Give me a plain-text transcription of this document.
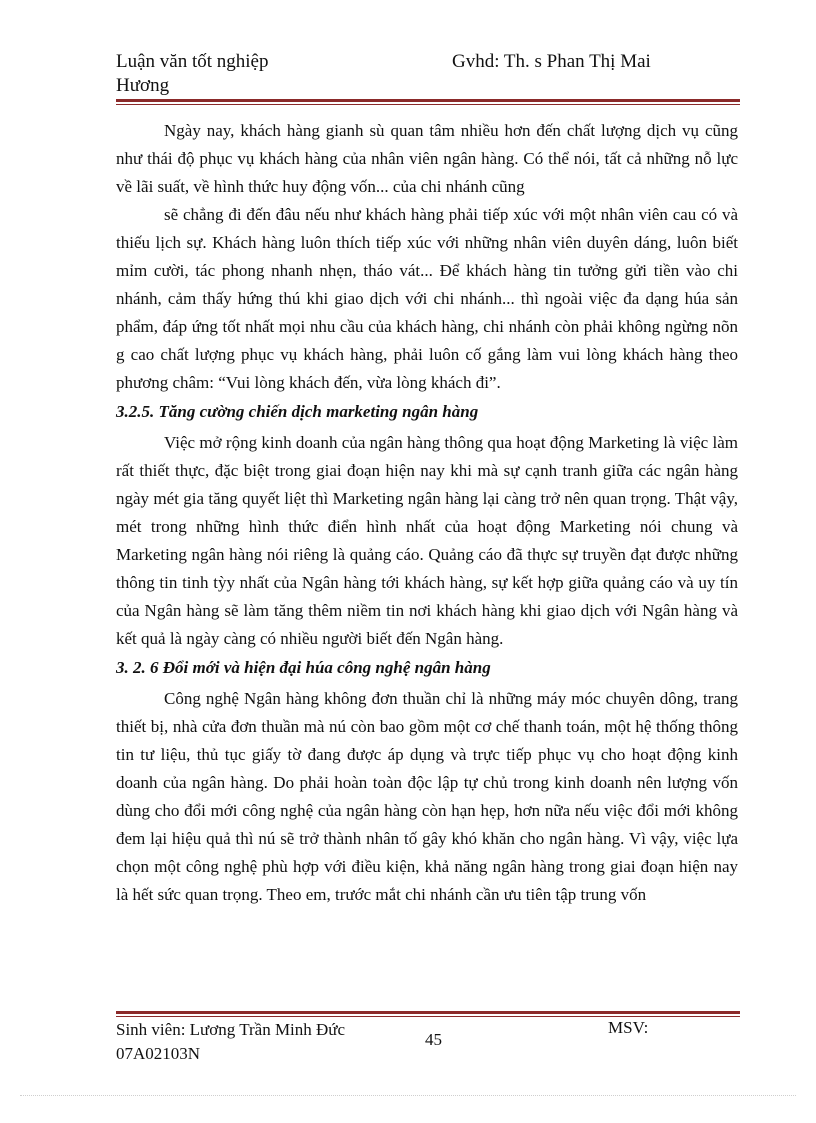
Luận văn tốt nghiệp
Hương
Gvhd: Th. s Phan Thị Mai

Ngày nay, khách hàng gianh sù quan tâm nhiều hơn đến chất lượng dịch vụ cũng như thái độ phục vụ khách hàng của nhân viên ngân hàng. Có thể nói, tất cả những nỗ lực về lãi suất, về hình thức huy động vốn... của chi nhánh cũng

sẽ chẳng đi đến đâu nếu như khách hàng phải tiếp xúc với một nhân viên cau có và thiếu lịch sự. Khách hàng luôn thích tiếp xúc với những nhân viên duyên dáng, luôn biết mỉm cười, tác phong nhanh nhẹn, tháo vát... Để khách hàng tin tưởng gửi tiền vào chi nhánh, cảm thấy hứng thú khi giao dịch với chi nhánh... thì ngoài việc đa dạng húa sản phẩm, đáp ứng tốt nhất mọi nhu cầu của khách hàng, chi nhánh còn phải không ngừng nõn g cao chất lượng phục vụ khách hàng, phải luôn cố gắng làm vui lòng khách hàng theo phương châm: “Vui lòng khách đến, vừa lòng khách đi”.

3.2.5. Tăng cường chiến dịch marketing ngân hàng

Việc mở rộng kinh doanh của ngân hàng thông qua hoạt động Marketing là việc làm rất thiết thực, đặc biệt trong giai đoạn hiện nay khi mà sự cạnh tranh giữa các ngân hàng ngày mét gia tăng quyết liệt thì Marketing ngân hàng lại càng trở nên quan trọng. Thật vậy, mét trong những hình thức điển hình nhất của hoạt động Marketing nói chung và Marketing ngân hàng nói riêng là quảng cáo. Quảng cáo đã thực sự truyền đạt được những thông tin tinh tỳy nhất của Ngân hàng tới khách hàng, sự kết hợp giữa quảng cáo và uy tín của Ngân hàng sẽ làm tăng thêm niềm tin nơi khách hàng khi giao dịch với Ngân hàng và kết quả là ngày càng có nhiều người biết đến Ngân hàng.

3. 2. 6 Đổi mới và hiện đại húa công nghệ ngân hàng

Công nghệ Ngân hàng không đơn thuần chỉ là những máy móc chuyên dông, trang thiết bị, nhà cửa đơn thuần mà nú còn bao gồm một cơ chế thanh toán, một hệ thống thông tin tư liệu, thủ tục giấy tờ đang được áp dụng và trực tiếp phục vụ cho hoạt động kinh doanh của ngân hàng. Do phải hoàn toàn độc lập tự chủ trong kinh doanh nên lượng vốn dùng cho đổi mới công nghệ của ngân hàng còn hạn hẹp, hơn nữa nếu việc đổi mới không đem lại hiệu quả thì nú sẽ trở thành nhân tố gây khó khăn cho ngân hàng. Vì vậy, việc lựa chọn một công nghệ phù hợp với điều kiện, khả năng ngân hàng trong giai đoạn hiện nay là hết sức quan trọng. Theo em, trước mắt chi nhánh cần ưu tiên tập trung vốn

Sinh viên: Lương Trần Minh Đức
07A02103N
45
MSV:
